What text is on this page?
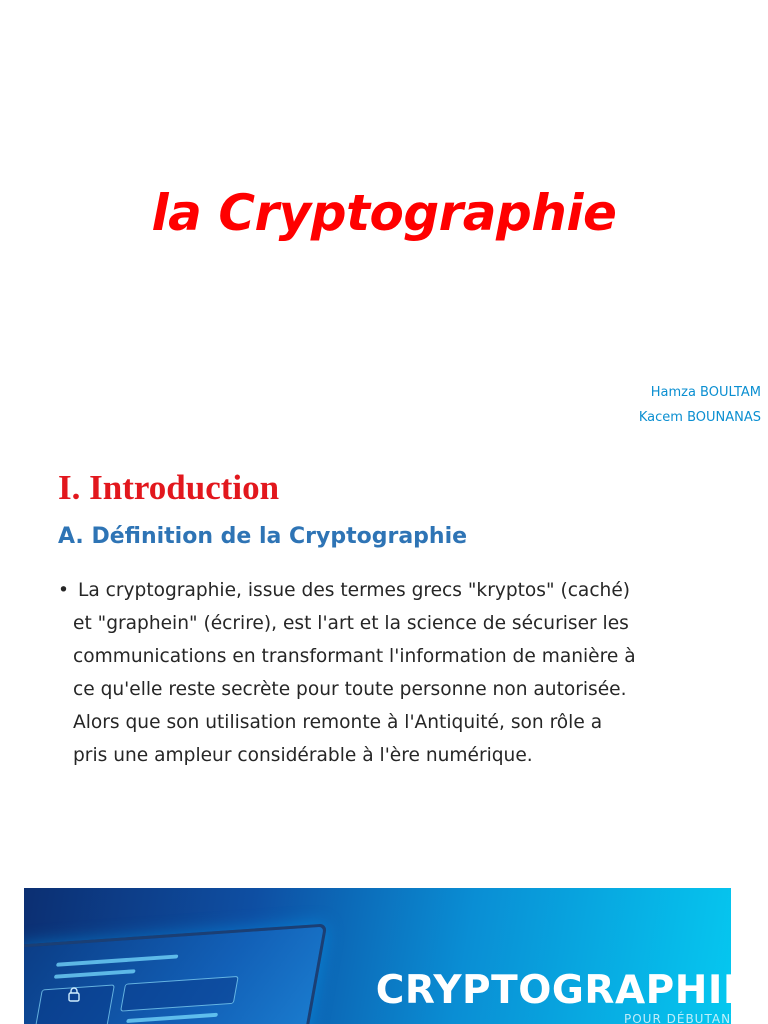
la Cryptographie
Hamza BOULTAM
Kacem BOUNANAS
I. Introduction
A. Définition de la Cryptographie
• La cryptographie, issue des termes grecs "kryptos" (caché)
et "graphein" (écrire), est l'art et la science de sécuriser les
communications en transformant l'information de manière à
ce qu'elle reste secrète pour toute personne non autorisée.
Alors que son utilisation remonte à l'Antiquité, son rôle a
pris une ampleur considérable à l'ère numérique.
CRYPTOGRAPHIE
POUR DÉBUTANTS
